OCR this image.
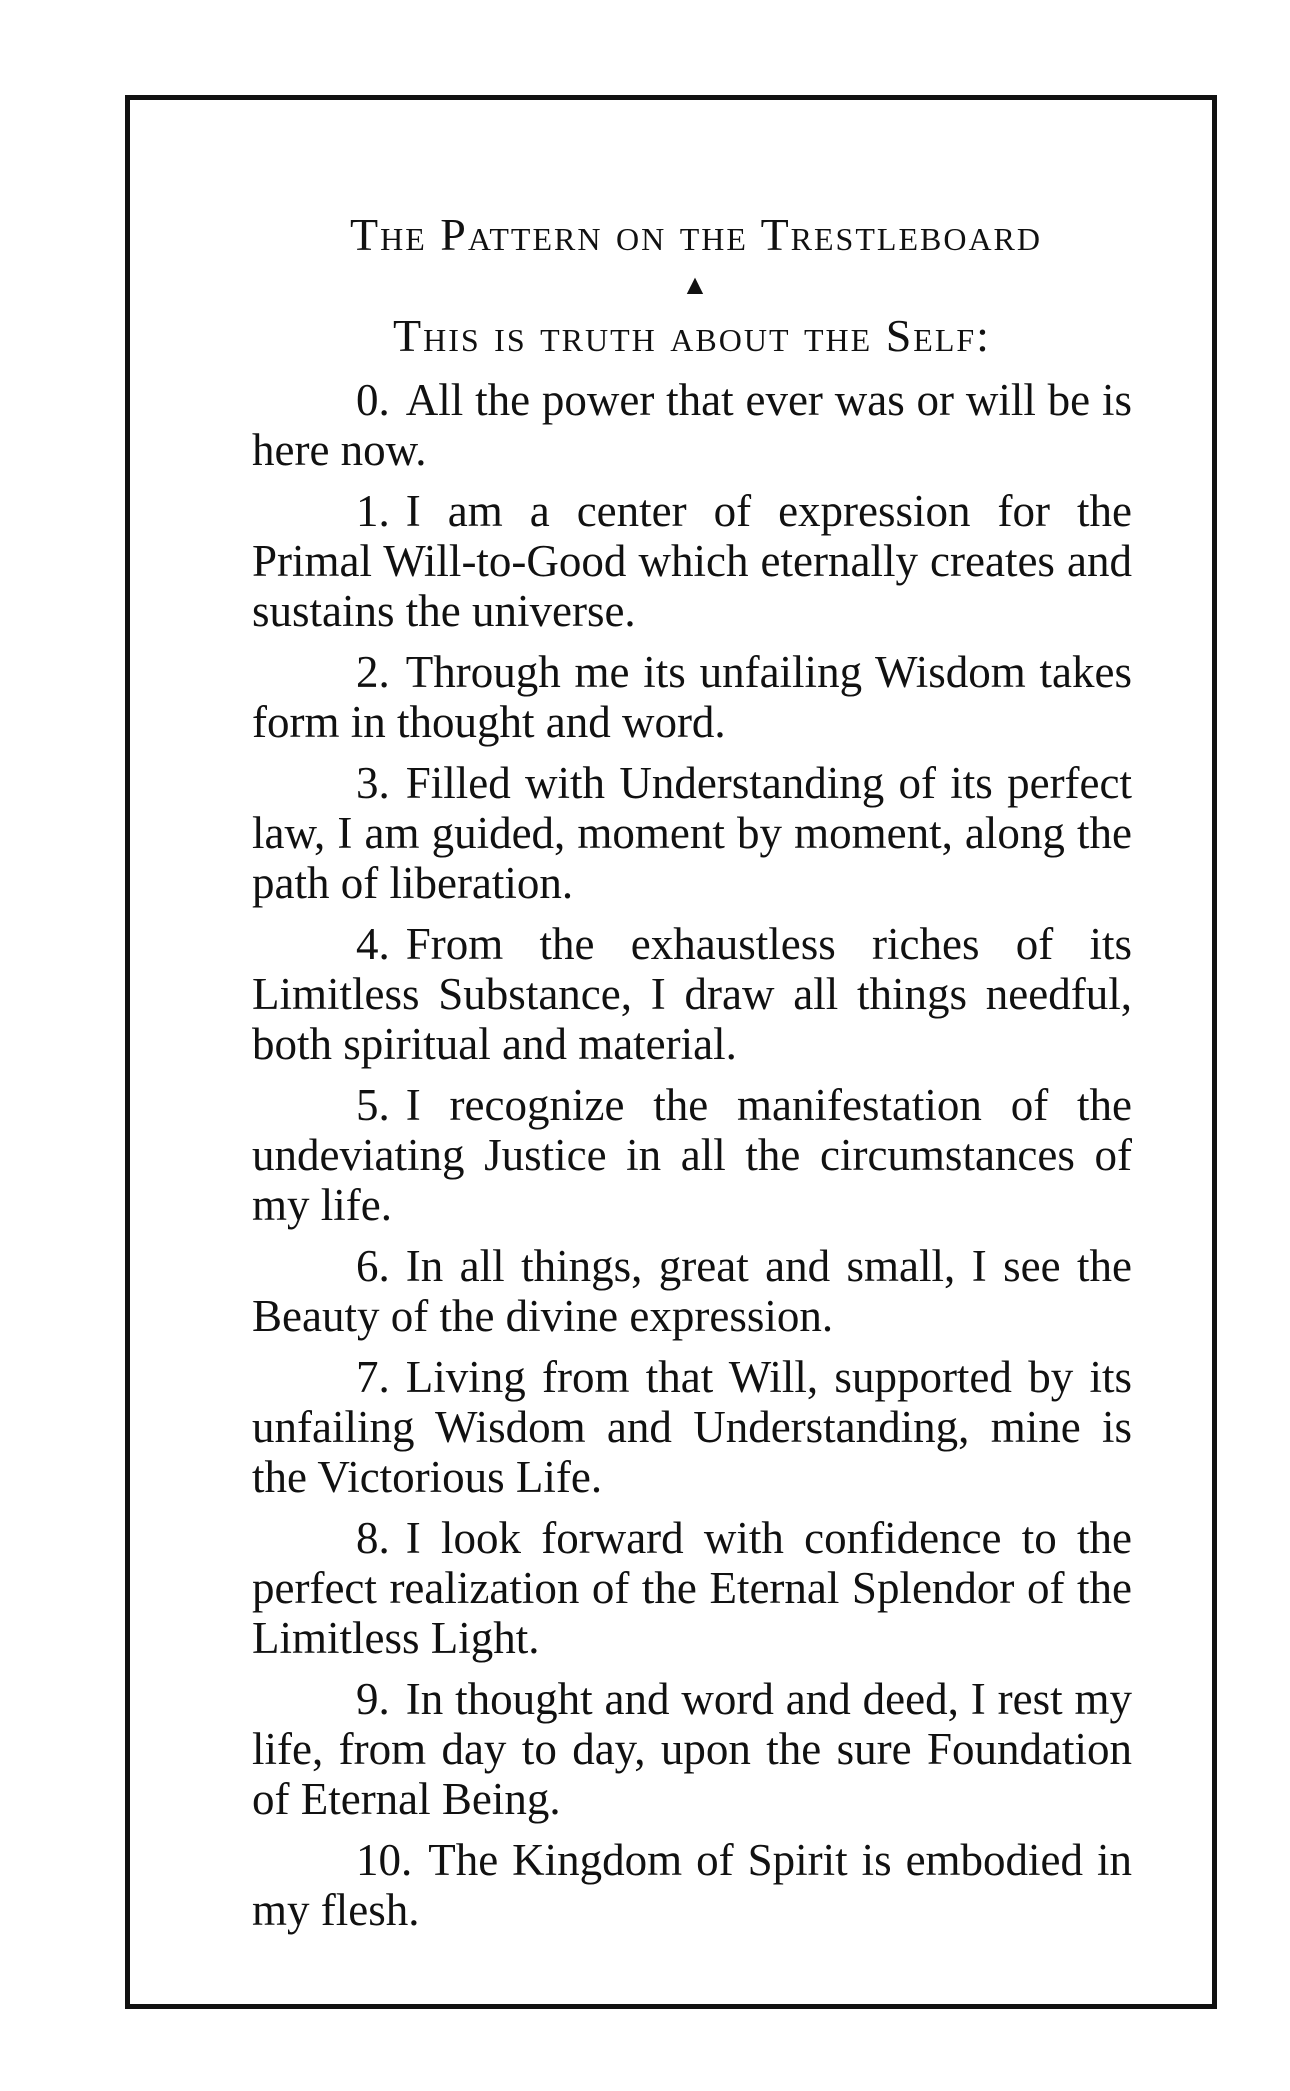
The Pattern on the Trestleboard

▲

This is truth about the Self:

0. All the power that ever was or will be is here now.

1. I am a center of expression for the Primal Will-to-Good which eternally creates and sustains the universe.

2. Through me its unfailing Wisdom takes form in thought and word.

3. Filled with Understanding of its perfect law, I am guided, moment by moment, along the path of liberation.

4. From the exhaustless riches of its Limitless Substance, I draw all things needful, both spiritual and material.

5. I recognize the manifestation of the undeviating Justice in all the circumstances of my life.

6. In all things, great and small, I see the Beauty of the divine expression.

7. Living from that Will, supported by its unfailing Wisdom and Understanding, mine is the Victorious Life.

8. I look forward with confidence to the perfect realization of the Eternal Splendor of the Limitless Light.

9. In thought and word and deed, I rest my life, from day to day, upon the sure Foundation of Eternal Being.

10. The Kingdom of Spirit is embodied in my flesh.
